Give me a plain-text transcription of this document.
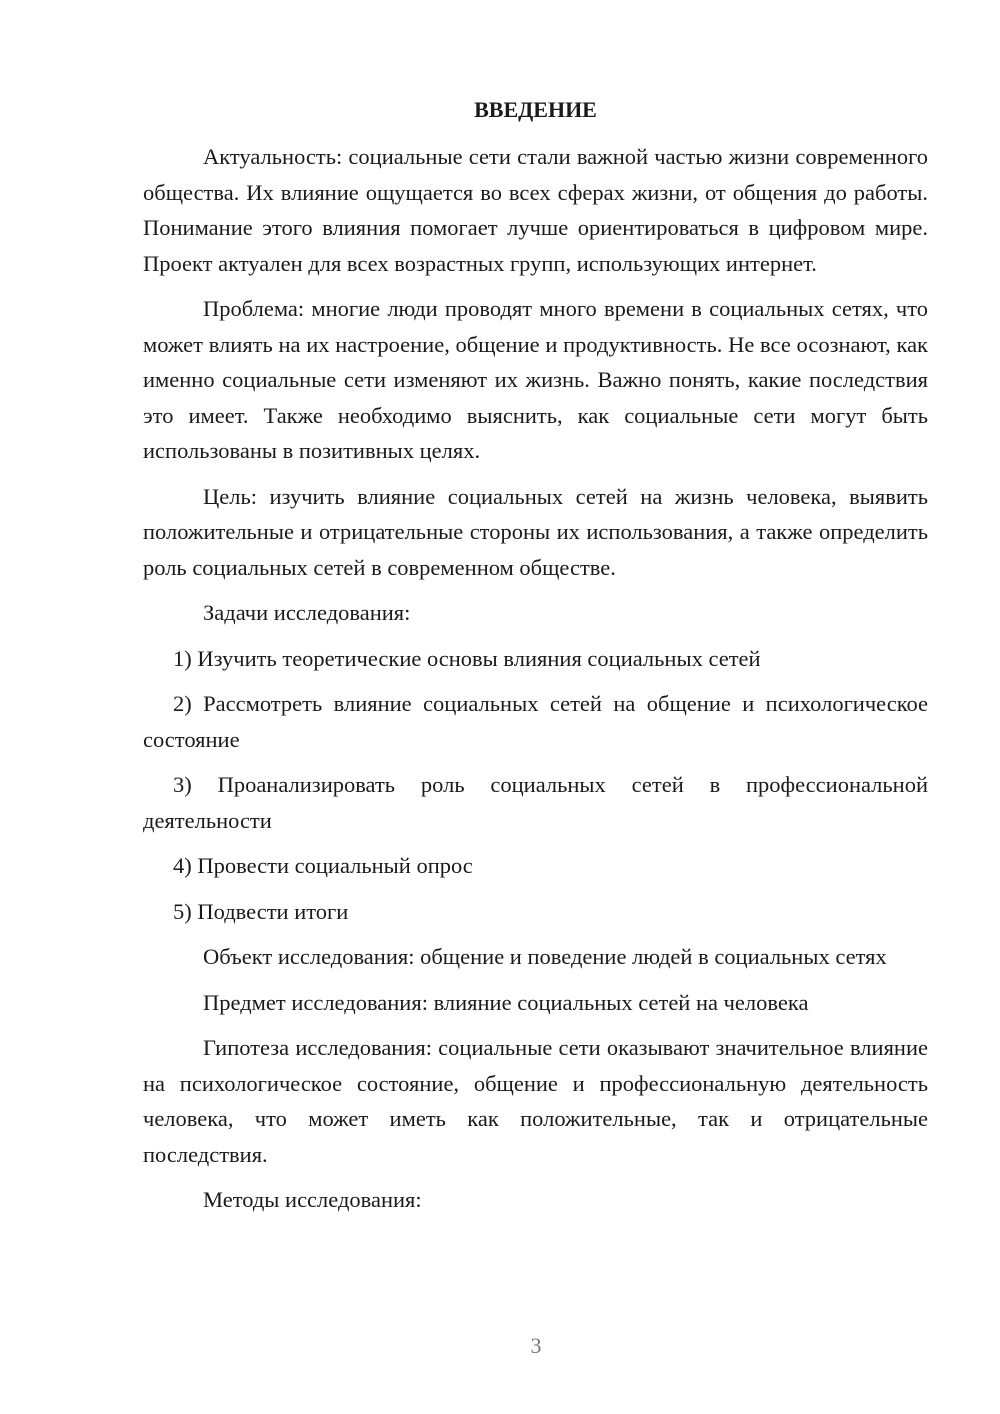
ВВЕДЕНИЕ

Актуальность: социальные сети стали важной частью жизни современного общества. Их влияние ощущается во всех сферах жизни, от общения до работы. Понимание этого влияния помогает лучше ориентироваться в цифровом мире. Проект актуален для всех возрастных групп, использующих интернет.

Проблема: многие люди проводят много времени в социальных сетях, что может влиять на их настроение, общение и продуктивность. Не все осознают, как именно социальные сети изменяют их жизнь. Важно понять, какие последствия это имеет. Также необходимо выяснить, как социальные сети могут быть использованы в позитивных целях.

Цель: изучить влияние социальных сетей на жизнь человека, выявить положительные и отрицательные стороны их использования, а также определить роль социальных сетей в современном обществе.

Задачи исследования:

1) Изучить теоретические основы влияния социальных сетей

2) Рассмотреть влияние социальных сетей на общение и психологическое состояние

3) Проанализировать роль социальных сетей в профессиональной деятельности

4) Провести социальный опрос

5) Подвести итоги

Объект исследования: общение и поведение людей в социальных сетях

Предмет исследования: влияние социальных сетей на человека

Гипотеза исследования: социальные сети оказывают значительное влияние на психологическое состояние, общение и профессиональную деятельность человека, что может иметь как положительные, так и отрицательные последствия.

Методы исследования:

3
